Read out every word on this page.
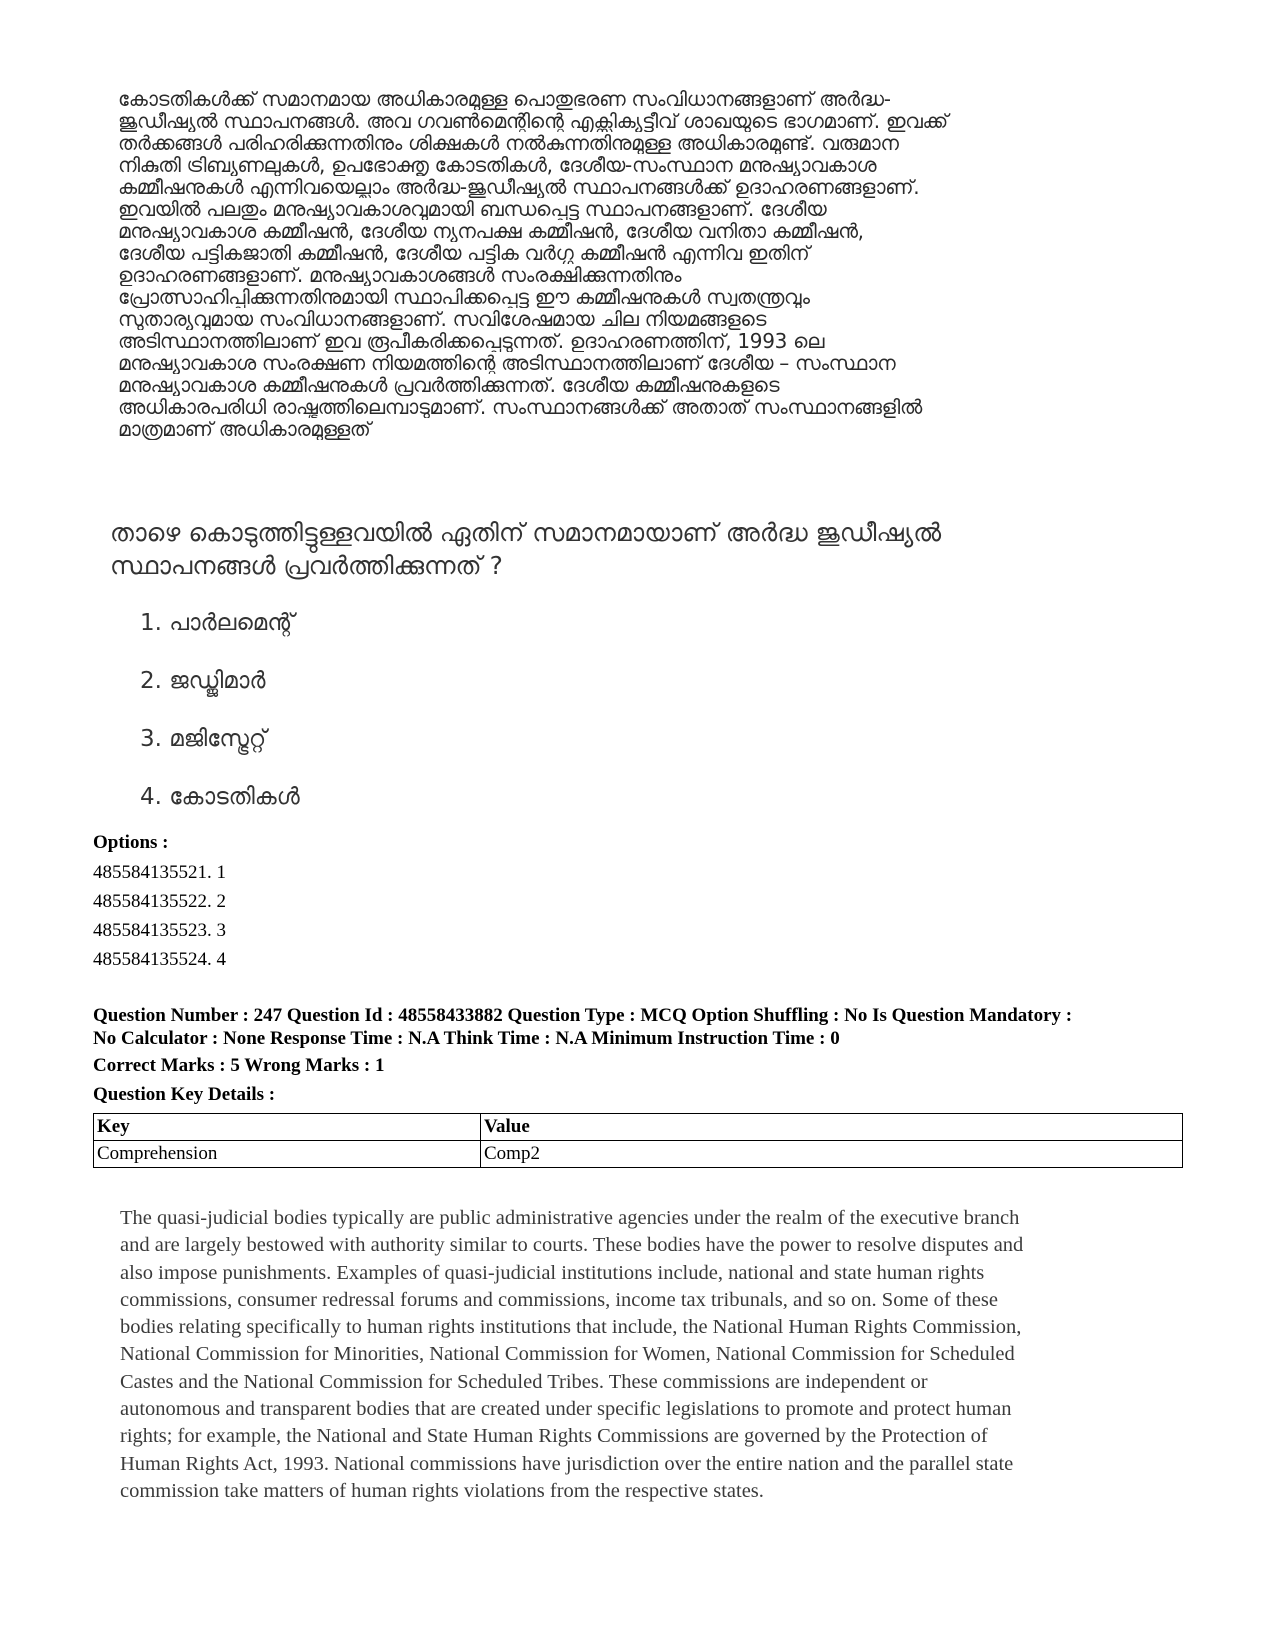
കോടതികൾക്ക് സമാനമായ അധികാരമുള്ള പൊതുഭരണ സംവിധാനങ്ങളാണ് അർദ്ധ-
ജുഡീഷ്യൽ സ്ഥാപനങ്ങൾ. അവ ഗവൺമെന്റിന്റെ എക്സിക്യൂട്ടീവ് ശാഖയുടെ ഭാഗമാണ്. ഇവക്ക്
തർക്കങ്ങൾ പരിഹരിക്കുന്നതിനും ശിക്ഷകൾ നൽകുന്നതിനുമുള്ള അധികാരമുണ്ട്. വരുമാന
നികുതി ട്രിബ്യൂണലുകൾ, ഉപഭോക്തൃ കോടതികൾ, ദേശീയ-സംസ്ഥാന മനുഷ്യാവകാശ
കമ്മീഷനുകൾ എന്നിവയെല്ലാം അർദ്ധ-ജുഡീഷ്യൽ സ്ഥാപനങ്ങൾക്ക് ഉദാഹരണങ്ങളാണ്.
ഇവയിൽ പലതും മനുഷ്യാവകാശവുമായി ബന്ധപ്പെട്ട സ്ഥാപനങ്ങളാണ്. ദേശീയ
മനുഷ്യാവകാശ കമ്മീഷൻ, ദേശീയ ന്യൂനപക്ഷ കമ്മീഷൻ, ദേശീയ വനിതാ കമ്മീഷൻ,
ദേശീയ പട്ടികജാതി കമ്മീഷൻ, ദേശീയ പട്ടിക വർഗ്ഗ കമ്മീഷൻ എന്നിവ ഇതിന്
ഉദാഹരണങ്ങളാണ്. മനുഷ്യാവകാശങ്ങൾ സംരക്ഷിക്കുന്നതിനും
പ്രോത്സാഹിപ്പിക്കുന്നതിനുമായി സ്ഥാപിക്കപ്പെട്ട ഈ കമ്മീഷനുകൾ സ്വതന്ത്രവും
സുതാര്യവുമായ സംവിധാനങ്ങളാണ്. സവിശേഷമായ ചില നിയമങ്ങളുടെ
അടിസ്ഥാനത്തിലാണ് ഇവ രൂപീകരിക്കപ്പെടുന്നത്. ഉദാഹരണത്തിന്, 1993 ലെ
മനുഷ്യാവകാശ സംരക്ഷണ നിയമത്തിന്റെ അടിസ്ഥാനത്തിലാണ് ദേശീയ – സംസ്ഥാന
മനുഷ്യാവകാശ കമ്മീഷനുകൾ പ്രവർത്തിക്കുന്നത്. ദേശീയ കമ്മീഷനുകളുടെ
അധികാരപരിധി രാഷ്ട്രത്തിലെമ്പാടുമാണ്. സംസ്ഥാനങ്ങൾക്ക് അതാത് സംസ്ഥാനങ്ങളിൽ
മാത്രമാണ് അധികാരമുള്ളത്
താഴെ കൊടുത്തിട്ടുള്ളവയിൽ ഏതിന് സമാനമായാണ് അർദ്ധ ജുഡീഷ്യൽ
സ്ഥാപനങ്ങൾ പ്രവർത്തിക്കുന്നത് ?
1. പാർലമെന്റ്
2. ജഡ്ജിമാർ
3. മജിസ്ട്രേറ്റ്
4. കോടതികൾ
Options :
485584135521. 1
485584135522. 2
485584135523. 3
485584135524. 4
Question Number : 247 Question Id : 48558433882 Question Type : MCQ Option Shuffling : No Is Question Mandatory :
No Calculator : None Response Time : N.A Think Time : N.A Minimum Instruction Time : 0
Correct Marks : 5 Wrong Marks : 1
Question Key Details :
Key	Value
Comprehension	Comp2
The quasi-judicial bodies typically are public administrative agencies under the realm of the executive branch
and are largely bestowed with authority similar to courts. These bodies have the power to resolve disputes and
also impose punishments. Examples of quasi-judicial institutions include, national and state human rights
commissions, consumer redressal forums and commissions, income tax tribunals, and so on. Some of these
bodies relating specifically to human rights institutions that include, the National Human Rights Commission,
National Commission for Minorities, National Commission for Women, National Commission for Scheduled
Castes and the National Commission for Scheduled Tribes. These commissions are independent or
autonomous and transparent bodies that are created under specific legislations to promote and protect human
rights; for example, the National and State Human Rights Commissions are governed by the Protection of
Human Rights Act, 1993. National commissions have jurisdiction over the entire nation and the parallel state
commission take matters of human rights violations from the respective states.
